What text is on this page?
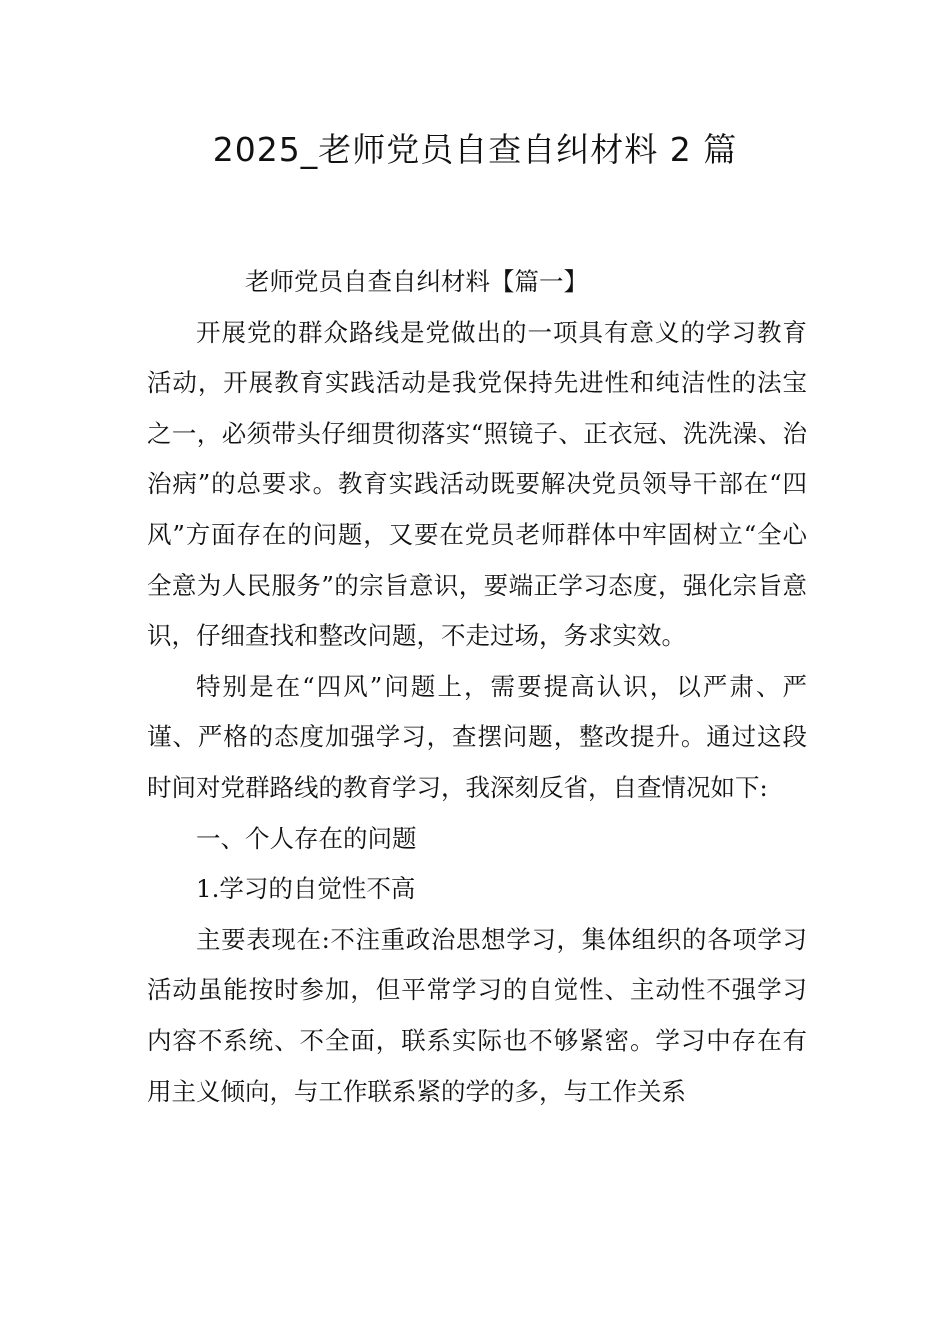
2025_老师党员自查自纠材料 2 篇

老师党员自查自纠材料【篇一】

开展党的群众路线是党做出的一项具有意义的学习教育活动，开展教育实践活动是我党保持先进性和纯洁性的法宝之一，必须带头仔细贯彻落实“照镜子、正衣冠、洗洗澡、治治病”的总要求。教育实践活动既要解决党员领导干部在“四风”方面存在的问题，又要在党员老师群体中牢固树立“全心全意为人民服务”的宗旨意识，要端正学习态度，强化宗旨意识，仔细查找和整改问题，不走过场，务求实效。

特别是在“四风”问题上，需要提高认识，以严肃、严谨、严格的态度加强学习，查摆问题，整改提升。通过这段时间对党群路线的教育学习，我深刻反省，自查情况如下:

一、个人存在的问题

1.学习的自觉性不高

主要表现在:不注重政治思想学习，集体组织的各项学习活动虽能按时参加，但平常学习的自觉性、主动性不强学习内容不系统、不全面，联系实际也不够紧密。学习中存在有用主义倾向，与工作联系紧的学的多，与工作关系
